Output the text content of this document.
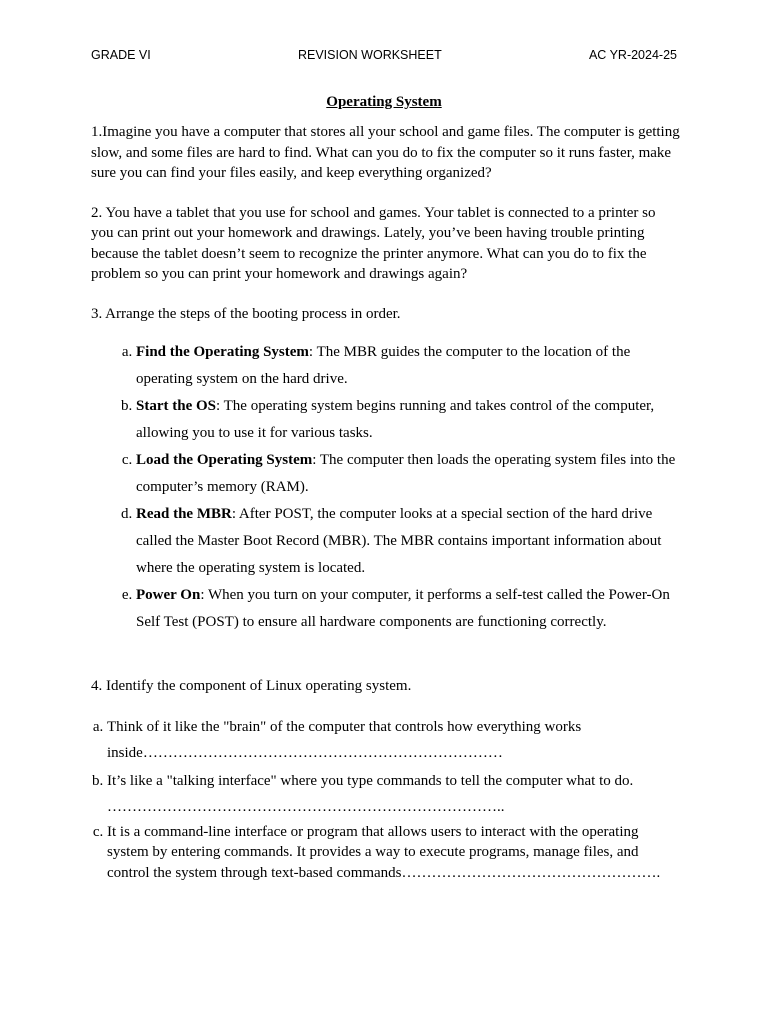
GRADE VI	REVISION WORKSHEET	AC YR-2024-25
Operating System

1.Imagine you have a computer that stores all your school and game files. The computer is getting slow, and some files are hard to find. What can you do to fix the computer so it runs faster, make sure you can find your files easily, and keep everything organized?

2. You have a tablet that you use for school and games. Your tablet is connected to a printer so you can print out your homework and drawings. Lately, you’ve been having trouble printing because the tablet doesn’t seem to recognize the printer anymore. What can you do to fix the problem so you can print your homework and drawings again?

3. Arrange the steps of the booting process in order.

a. Find the Operating System: The MBR guides the computer to the location of the operating system on the hard drive.
b. Start the OS: The operating system begins running and takes control of the computer, allowing you to use it for various tasks.
c. Load the Operating System: The computer then loads the operating system files into the computer’s memory (RAM).
d. Read the MBR: After POST, the computer looks at a special section of the hard drive called the Master Boot Record (MBR). The MBR contains important information about where the operating system is located.
e. Power On: When you turn on your computer, it performs a self-test called the Power-On Self Test (POST) to ensure all hardware components are functioning correctly.

4. Identify the component of Linux operating system.

a. Think of it like the "brain" of the computer that controls how everything works inside………………………………………………………………
b. It’s like a "talking interface" where you type commands to tell the computer what to do. ……………………………………………………………………..
c. It is a command-line interface or program that allows users to interact with the operating system by entering commands. It provides a way to execute programs, manage files, and control the system through text-based commands…………………………………………….
